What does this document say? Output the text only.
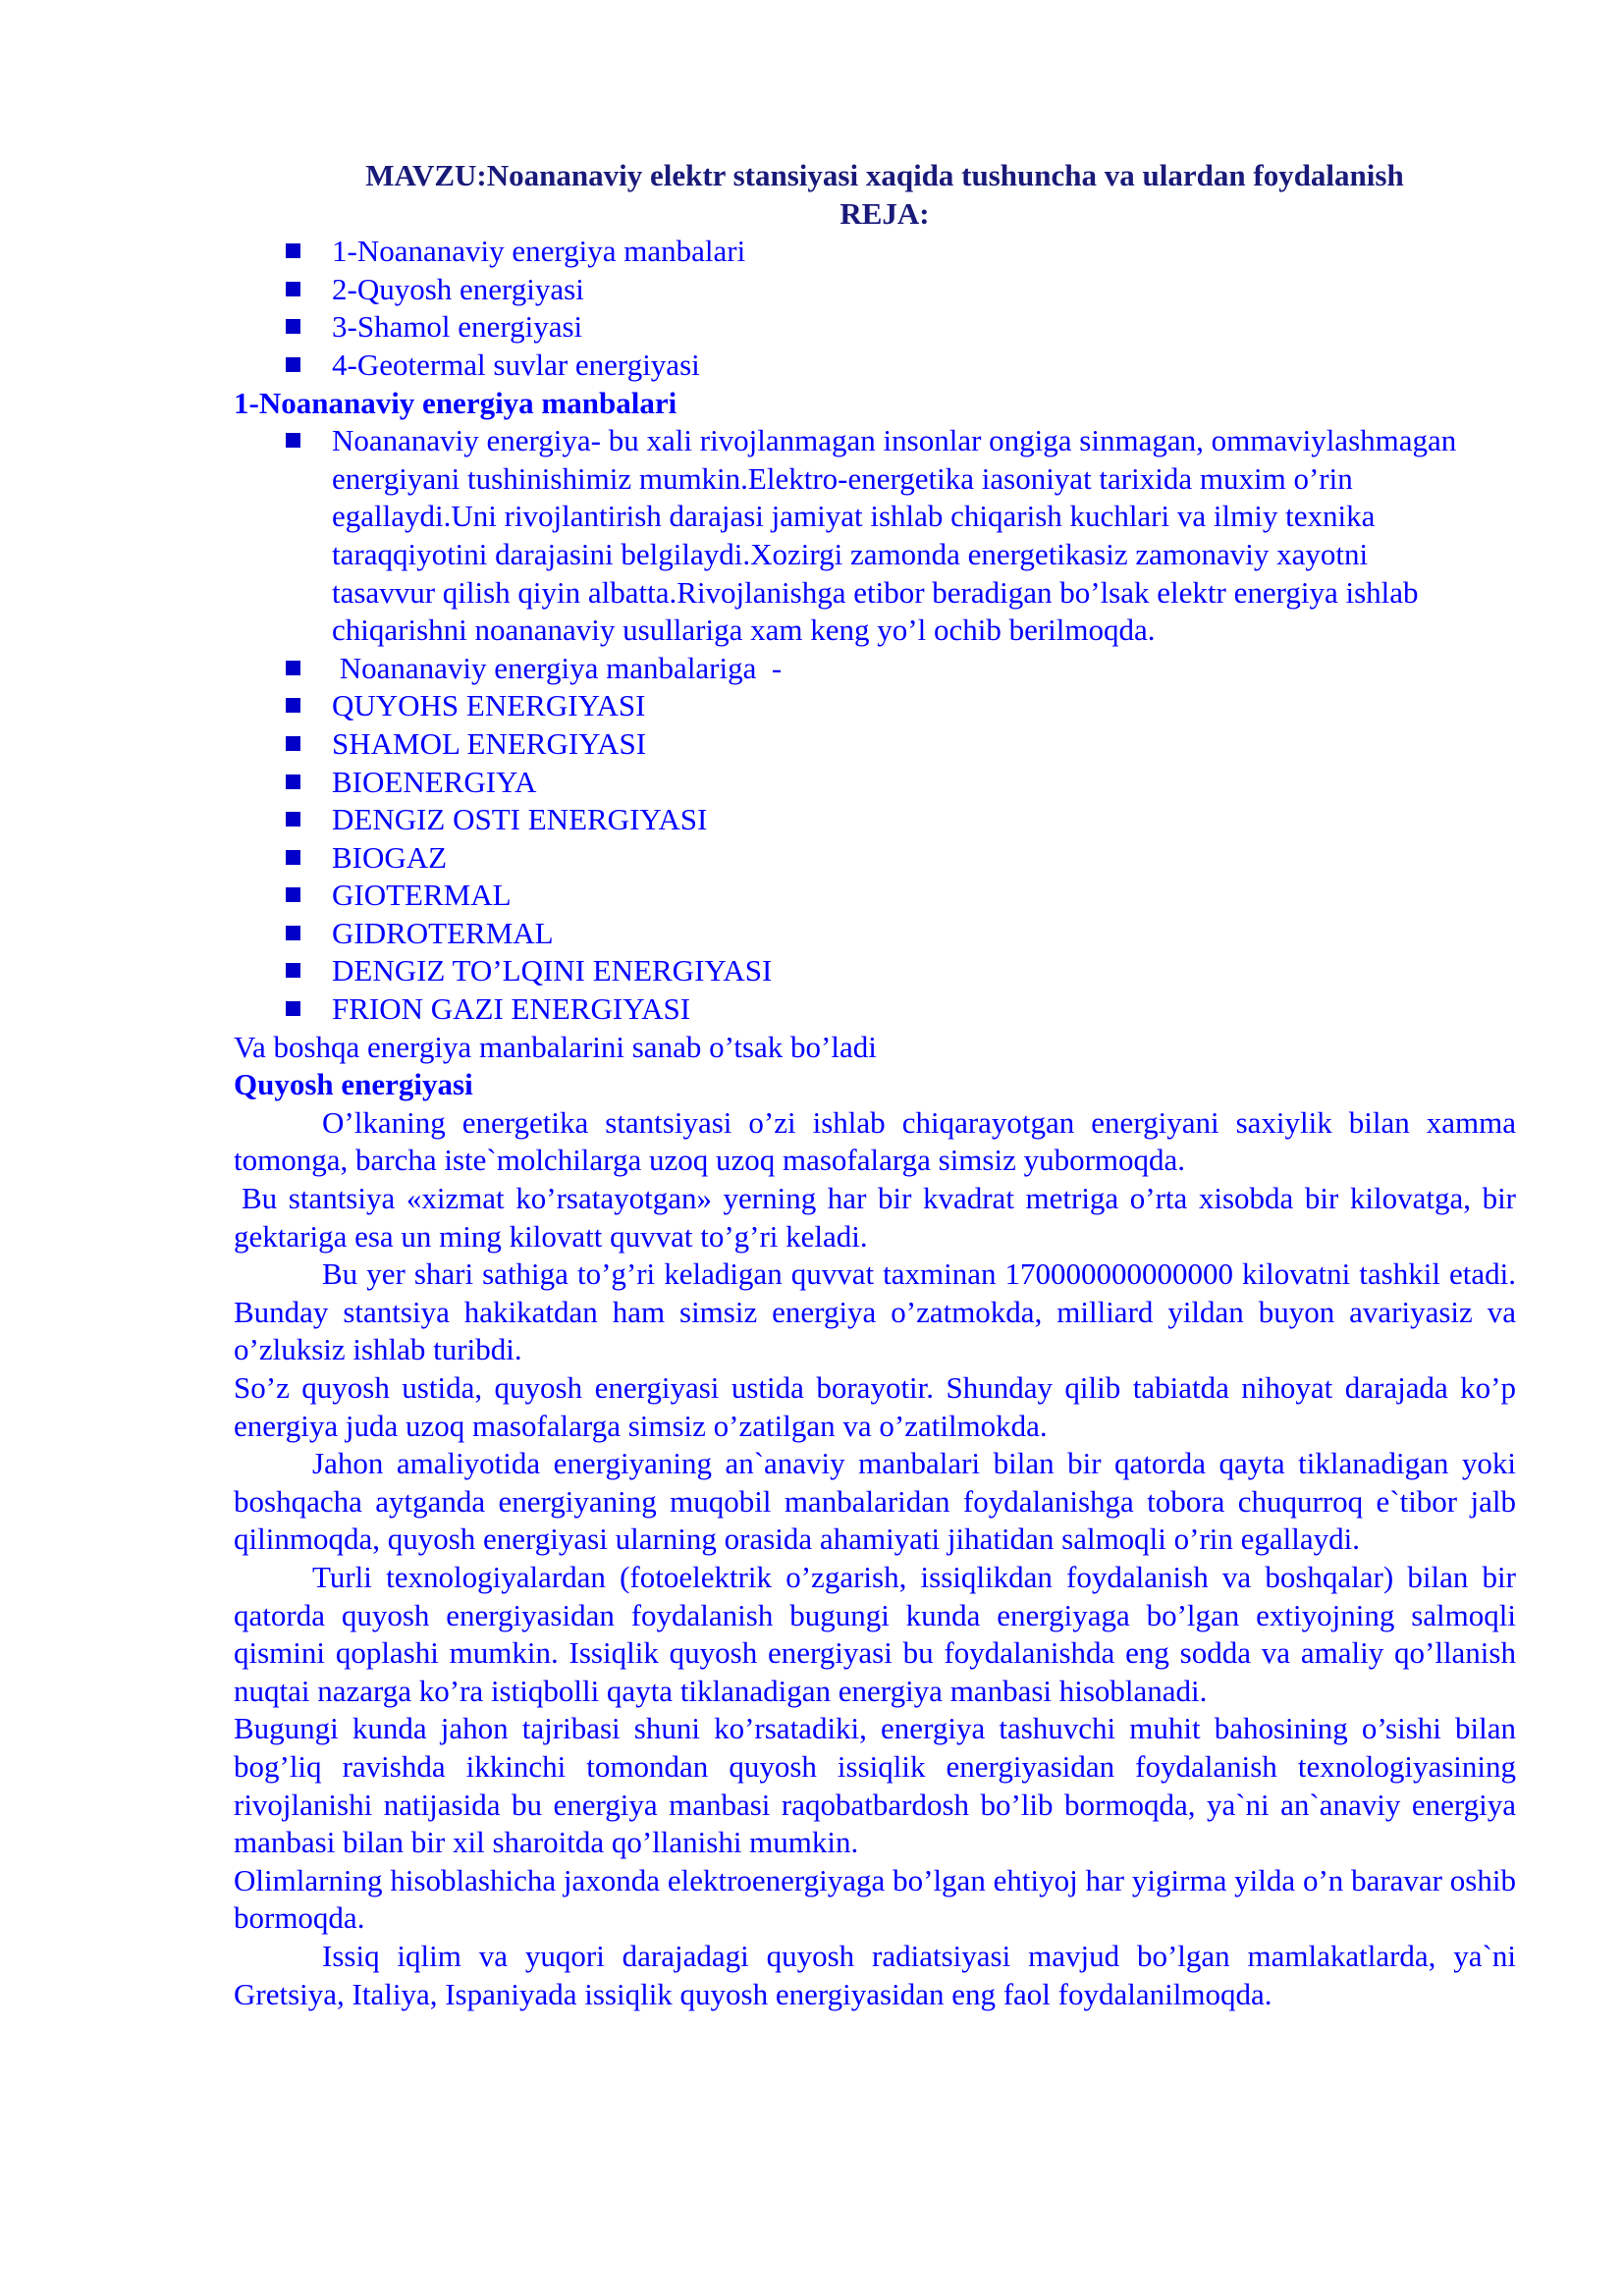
MAVZU:Noananaviy elektr stansiyasi xaqida tushuncha va ulardan foydalanish
REJA:
1-Noananaviy energiya manbalari
2-Quyosh energiyasi
3-Shamol energiyasi
4-Geotermal suvlar energiyasi
1-Noananaviy energiya manbalari
Noananaviy energiya- bu xali rivojlanmagan insonlar ongiga sinmagan, ommaviylashmagan energiyani tushinishimiz mumkin.Elektro-energetika iasoniyat tarixida muxim o’rin egallaydi.Uni rivojlantirish darajasi jamiyat ishlab chiqarish kuchlari va ilmiy texnika taraqqiyotini darajasini belgilaydi.Xozirgi zamonda energetikasiz zamonaviy xayotni tasavvur qilish qiyin albatta.Rivojlanishga etibor beradigan bo’lsak elektr energiya ishlab chiqarishni noananaviy usullariga xam keng yo’l ochib berilmoqda.
Noananaviy energiya manbalariga  -
QUYOHS ENERGIYASI
SHAMOL ENERGIYASI
BIOENERGIYA
DENGIZ OSTI ENERGIYASI
BIOGAZ
GIOTERMAL
GIDROTERMAL
DENGIZ TO’LQINI ENERGIYASI
FRION GAZI ENERGIYASI
Va boshqa energiya manbalarini sanab o’tsak bo’ladi
Quyosh energiyasi

O’lkaning energetika stantsiyasi o’zi ishlab chiqarayotgan energiyani saxiylik bilan xamma tomonga, barcha iste`molchilarga uzoq uzoq masofalarga simsiz yubormoqda.

Bu stantsiya «xizmat ko’rsatayotgan» yerning har bir kvadrat metriga o’rta xisobda bir kilovatga, bir gektariga esa un ming kilovatt quvvat to’g’ri keladi.

Bu yer shari sathiga to’g’ri keladigan quvvat taxminan 170000000000000 kilovatni tashkil etadi. Bunday stantsiya hakikatdan ham simsiz energiya o’zatmokda, milliard yildan buyon avariyasiz va o’zluksiz ishlab turibdi.

So’z quyosh ustida, quyosh energiyasi ustida borayotir. Shunday qilib tabiatda nihoyat darajada ko’p energiya juda uzoq masofalarga simsiz o’zatilgan va o’zatilmokda.

Jahon amaliyotida energiyaning an`anaviy manbalari bilan bir qatorda qayta tiklanadigan yoki boshqacha aytganda energiyaning muqobil manbalaridan foydalanishga tobora chuqurroq e`tibor jalb qilinmoqda, quyosh energiyasi ularning orasida ahamiyati jihatidan salmoqli o’rin egallaydi.

Turli texnologiyalardan (fotoelektrik o’zgarish, issiqlikdan foydalanish va boshqalar) bilan bir qatorda quyosh energiyasidan foydalanish bugungi kunda energiyaga bo’lgan extiyojning salmoqli qismini qoplashi mumkin. Issiqlik quyosh energiyasi bu foydalanishda eng sodda va amaliy qo’llanish nuqtai nazarga ko’ra istiqbolli qayta tiklanadigan energiya manbasi hisoblanadi.

Bugungi kunda jahon tajribasi shuni ko’rsatadiki, energiya tashuvchi muhit bahosining o’sishi bilan bog’liq ravishda ikkinchi tomondan quyosh issiqlik energiyasidan foydalanish texnologiyasining rivojlanishi natijasida bu energiya manbasi raqobatbardosh bo’lib bormoqda, ya`ni an`anaviy energiya manbasi bilan bir xil sharoitda qo’llanishi mumkin.

Olimlarning hisoblashicha jaxonda elektroenergiyaga bo’lgan ehtiyoj har yigirma yilda o’n baravar oshib bormoqda.

Issiq iqlim va yuqori darajadagi quyosh radiatsiyasi mavjud bo’lgan mamlakatlarda, ya`ni Gretsiya, Italiya, Ispaniyada issiqlik quyosh energiyasidan eng faol foydalanilmoqda.
